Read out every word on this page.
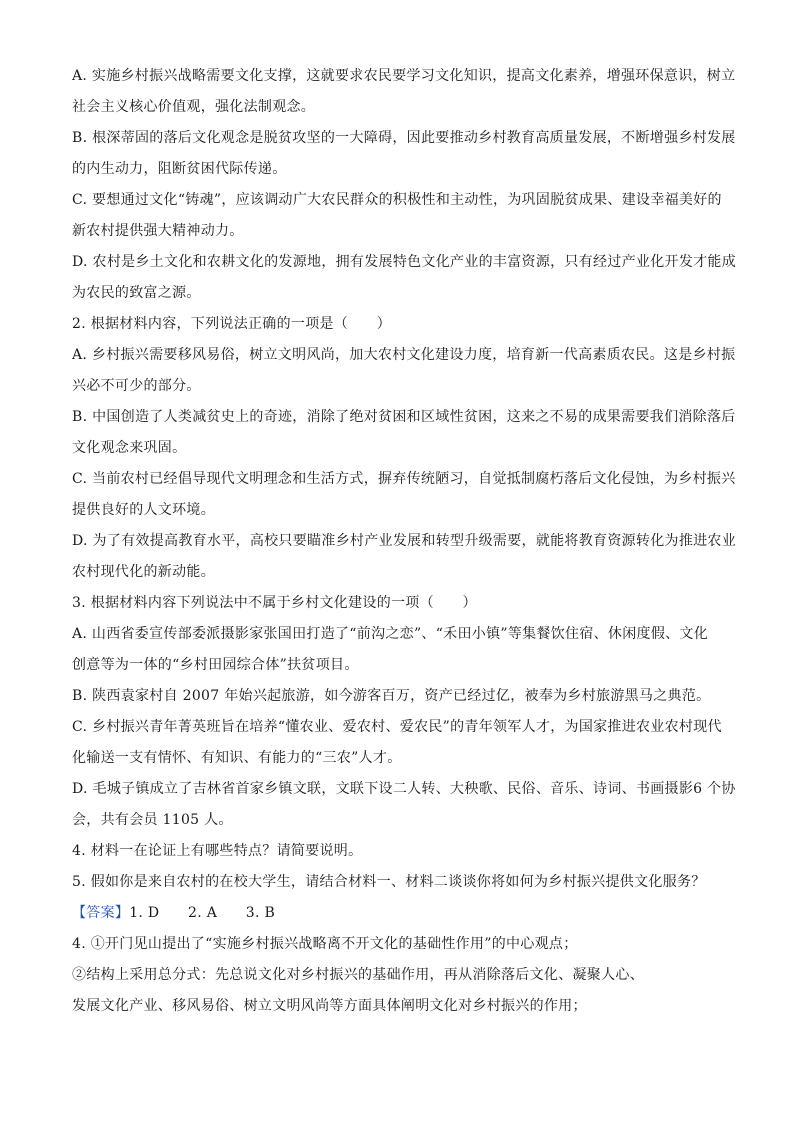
A. 实施乡村振兴战略需要文化支撑，这就要求农民要学习文化知识，提高文化素养，增强环保意识，树立
社会主义核心价值观，强化法制观念。
B. 根深蒂固的落后文化观念是脱贫攻坚的一大障碍，因此要推动乡村教育高质量发展，不断增强乡村发展
的内生动力，阻断贫困代际传递。
C. 要想通过文化“铸魂”，应该调动广大农民群众的积极性和主动性，为巩固脱贫成果、建设幸福美好的
新农村提供强大精神动力。
D. 农村是乡土文化和农耕文化的发源地，拥有发展特色文化产业的丰富资源，只有经过产业化开发才能成
为农民的致富之源。
2. 根据材料内容，下列说法正确的一项是（　　）
A. 乡村振兴需要移风易俗，树立文明风尚，加大农村文化建设力度，培育新一代高素质农民。这是乡村振
兴必不可少的部分。
B. 中国创造了人类减贫史上的奇迹，消除了绝对贫困和区域性贫困，这来之不易的成果需要我们消除落后
文化观念来巩固。
C. 当前农村已经倡导现代文明理念和生活方式，摒弃传统陋习，自觉抵制腐朽落后文化侵蚀，为乡村振兴
提供良好的人文环境。
D. 为了有效提高教育水平，高校只要瞄准乡村产业发展和转型升级需要，就能将教育资源转化为推进农业
农村现代化的新动能。
3. 根据材料内容下列说法中不属于乡村文化建设的一项（　　）
A. 山西省委宣传部委派摄影家张国田打造了“前沟之恋”、“禾田小镇”等集餐饮住宿、休闲度假、文化
创意等为一体的“乡村田园综合体”扶贫项目。
B. 陕西袁家村自 2007 年始兴起旅游，如今游客百万，资产已经过亿，被奉为乡村旅游黑马之典范。
C. 乡村振兴青年菁英班旨在培养“懂农业、爱农村、爱农民”的青年领军人才，为国家推进农业农村现代
化输送一支有情怀、有知识、有能力的“三农”人才。
D. 毛城子镇成立了吉林省首家乡镇文联，文联下设二人转、大秧歌、民俗、音乐、诗词、书画摄影6 个协
会，共有会员 1105 人。
4. 材料一在论证上有哪些特点？请简要说明。
5. 假如你是来自农村的在校大学生，请结合材料一、材料二谈谈你将如何为乡村振兴提供文化服务？
【答案】1. D　　2. A　　3. B
4. ①开门见山提出了“实施乡村振兴战略离不开文化的基础性作用”的中心观点；
②结构上采用总分式：先总说文化对乡村振兴的基础作用，再从消除落后文化、凝聚人心、
发展文化产业、移风易俗、树立文明风尚等方面具体阐明文化对乡村振兴的作用；
